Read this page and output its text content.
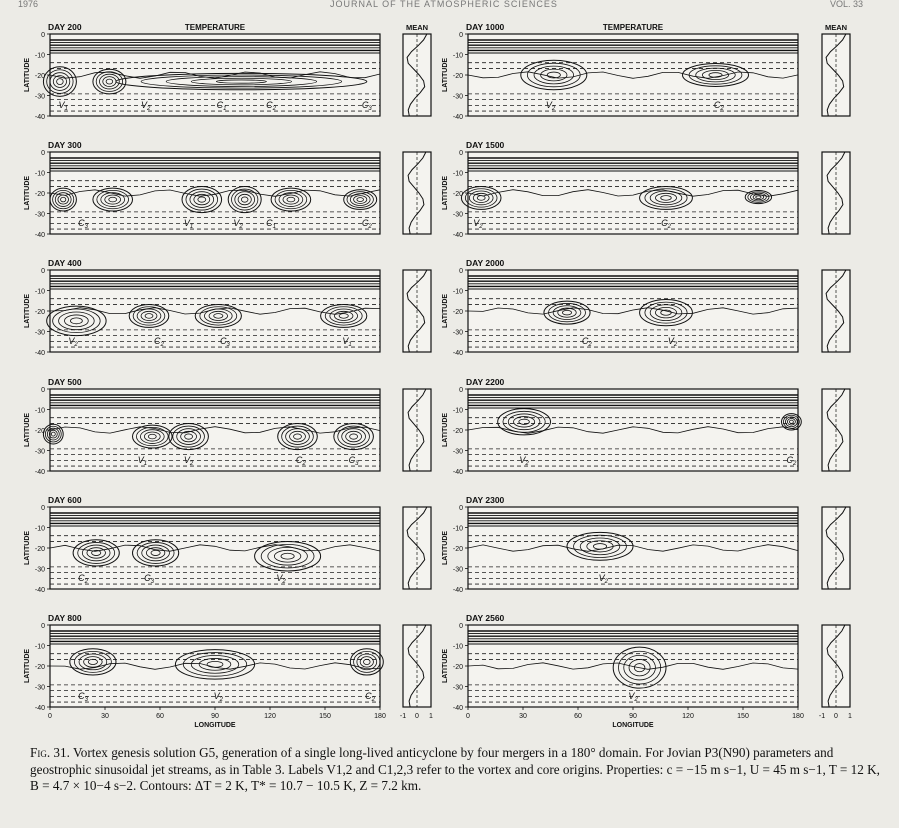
1976	JOURNAL OF THE ATMOSPHERIC SCIENCES	VOL. 33
DAY 200	TEMPERATURE	MEAN
0
-10
-20
-30
-40
LATITUDE
$V_1$	$V_2$	$C_1$	$C_2$	$C_3$
DAY 300
0
-10
-20
-30
-40
LATITUDE
$C_3$	$V_1$	$V_2$	$C_1$	$C_2$
DAY 400
0
-10
-20
-30
-40
LATITUDE
$V_2$	$C_2$	$C_3$	$V_1$
DAY 500
0
-10
-20
-30
-40
LATITUDE
$V_1$	$V_2$	$C_2$	$C_3$
DAY 600
0
-10
-20
-30
-40
LATITUDE
$C_2$	$C_3$	$V_2$
DAY 800
0
-10
-20
-30
-40
LATITUDE
$C_3$	$V_2$	$C_2$
DAY 1000	TEMPERATURE	MEAN
0
-10
-20
-30
-40
LATITUDE
$V_2$	$C_2$
DAY 1500
0
-10
-20
-30
-40
LATITUDE
$V_2$	$C_2$
DAY 2000
0
-10
-20
-30
-40
LATITUDE
$C_2$	$V_2$
DAY 2200
0
-10
-20
-30
-40
LATITUDE
$V_2$	$C_2$
DAY 2300
0
-10
-20
-30
-40
LATITUDE
$V_2$
DAY 2560
0
-10
-20
-30
-40
LATITUDE
$V_2$
0	30	60	90	120	150	180
LONGITUDE
-1 0 1	0	30	60	90	120	150	180
LONGITUDE
-1 0 1
Fig. 31. Vortex genesis solution G5, generation of a single long-lived anticyclone by four mergers in a 180° domain. For Jovian P3(N90) parameters and geostrophic sinusoidal jet streams, as in Table 3. Labels V1,2 and C1,2,3 refer to the vortex and core origins. Properties: c = −15 m s−1, U = 45 m s−1, T = 12 K, B = 4.7 × 10−4 s−2. Contours: ΔT = 2 K, T* = 10.7 − 10.5 K, Z = 7.2 km.
